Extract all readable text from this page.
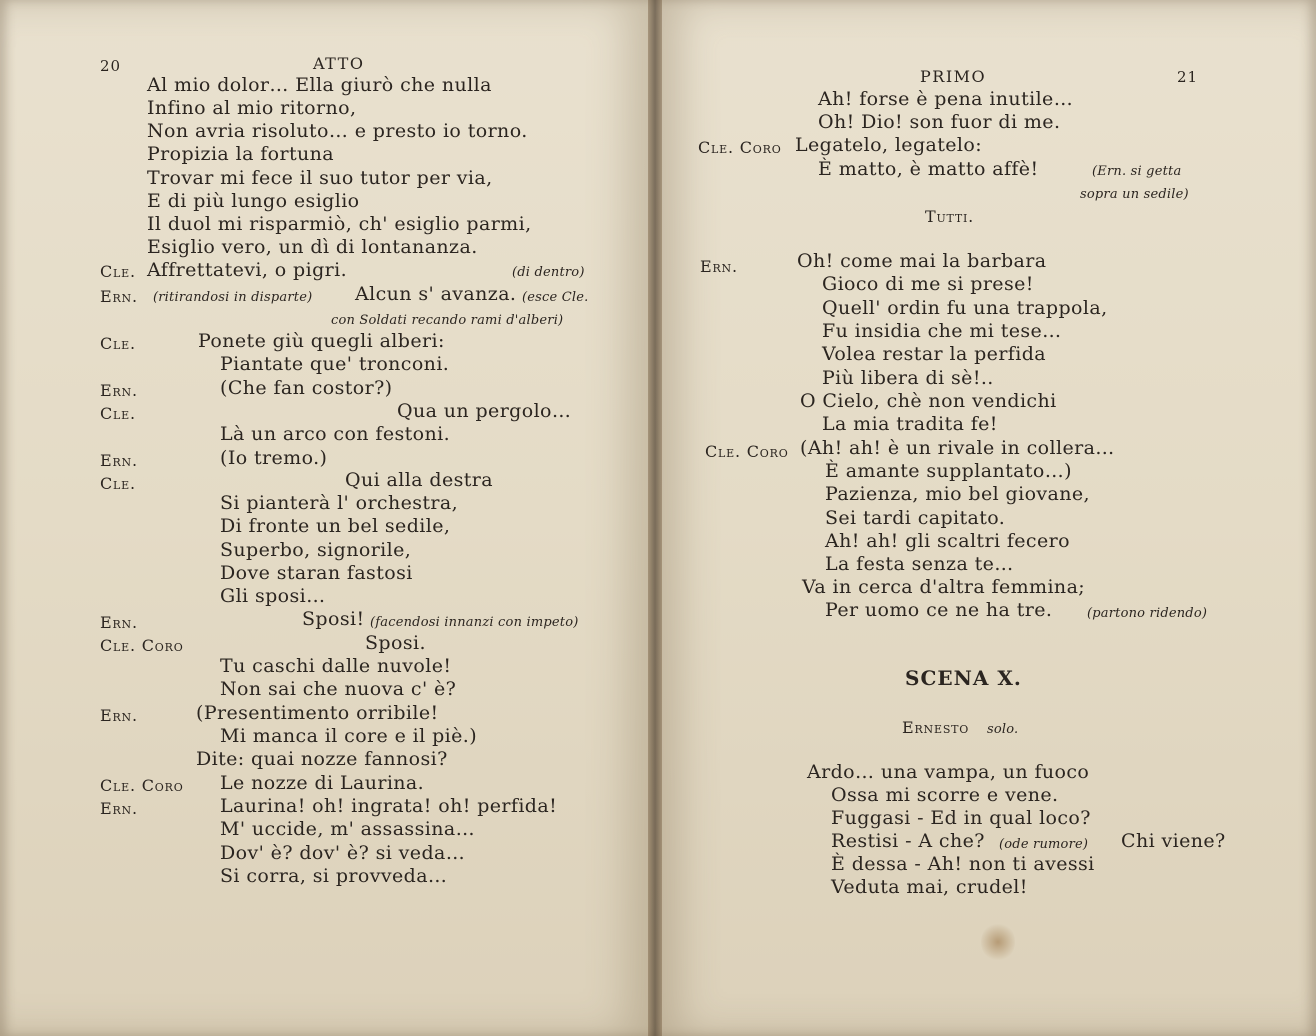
20	ATTO
Al mio dolor… Ella giurò che nulla
Infino al mio ritorno,
Non avria risoluto… e presto io torno.
Propizia la fortuna
Trovar mi fece il suo tutor per via,
E di più lungo esiglio
Il duol mi risparmiò, ch' esiglio parmi,
Esiglio vero, un dì di lontananza.
Cle. Affrettatevi, o pigri.	(di dentro)
Ern. (ritirandosi in disparte) Alcun s' avanza. (esce Cle.
con Soldati recando rami d'alberi)
Cle.	Ponete giù quegli alberi:
Piantate que' tronconi.
Ern.	(Che fan costor?)
Cle.	Qua un pergolo…
Là un arco con festoni.
Ern.	(Io tremo.)
Cle.	Qui alla destra
Si pianterà l' orchestra,
Di fronte un bel sedile,
Superbo, signorile,
Dove staran fastosi
Gli sposi…
Ern.	Sposi! (facendosi innanzi con impeto)
Cle. Coro	Sposi.
Tu caschi dalle nuvole!
Non sai che nuova c' è?
Ern.	(Presentimento orribile!
Mi manca il core e il piè.)
Dite: quai nozze fannosi?
Cle. Coro Le nozze di Laurina.
Ern.	Laurina! oh! ingrata! oh! perfida!
M' uccide, m' assassina…
Dov' è? dov' è? si veda…
Si corra, si provveda…
PRIMO	21
Ah! forse è pena inutile…
Oh! Dio! son fuor di me.
Cle. Coro Legatelo, legatelo:
È matto, è matto affè!	(Ern. si getta
sopra un sedile)
Tutti.
Ern.	Oh! come mai la barbara
Gioco di me si prese!
Quell' ordin fu una trappola,
Fu insidia che mi tese…
Volea restar la perfida
Più libera di sè!..
O Cielo, chè non vendichi
La mia tradita fe!
Cle. Coro (Ah! ah! è un rivale in collera…
È amante supplantato…)
Pazienza, mio bel giovane,
Sei tardi capitato.
Ah! ah! gli scaltri fecero
La festa senza te…
Va in cerca d'altra femmina;
Per uomo ce ne ha tre.	(partono ridendo)
SCENA X.
Ernesto solo.
Ardo… una vampa, un fuoco
Ossa mi scorre e vene.
Fuggasi - Ed in qual loco?
Restisi - A che? (ode rumore) Chi viene?
È dessa - Ah! non ti avessi
Veduta mai, crudel!
